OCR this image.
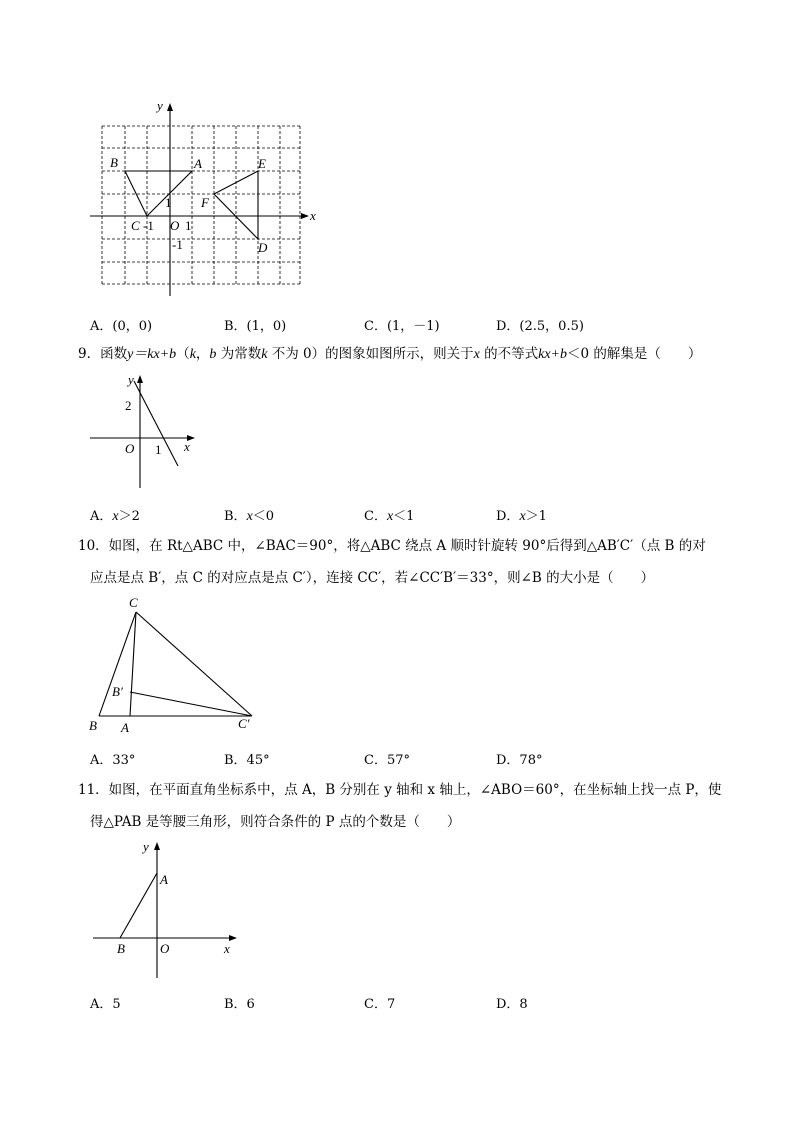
y
x
B	A	E
F
C -1 O 1
1
-1	D
A．(0，0)	B．(1，0)	C．(1，－1)	D．(2.5，0.5)
9．函数y＝kx+b（k，b 为常数k 不为 0）的图象如图所示，则关于x 的不等式kx+b＜0 的解集是（　　）
y
2
O 1 x
A．x＞2	B．x＜0	C．x＜1	D．x＞1
10．如图，在 Rt△ABC 中，∠BAC＝90°，将△ABC 绕点 A 顺时针旋转 90°后得到△AB′C′（点 B 的对
应点是点 B′，点 C 的对应点是点 C′），连接 CC′，若∠CC′B′＝33°，则∠B 的大小是（　　）
C
B′
B A	C′
A．33°	B．45°	C．57°	D．78°
11．如图，在平面直角坐标系中，点 A，B 分别在 y 轴和 x 轴上，∠ABO＝60°，在坐标轴上找一点 P，使
得△PAB 是等腰三角形，则符合条件的 P 点的个数是（　　）
y
A
B	O	x
A．5	B．6	C．7	D．8
